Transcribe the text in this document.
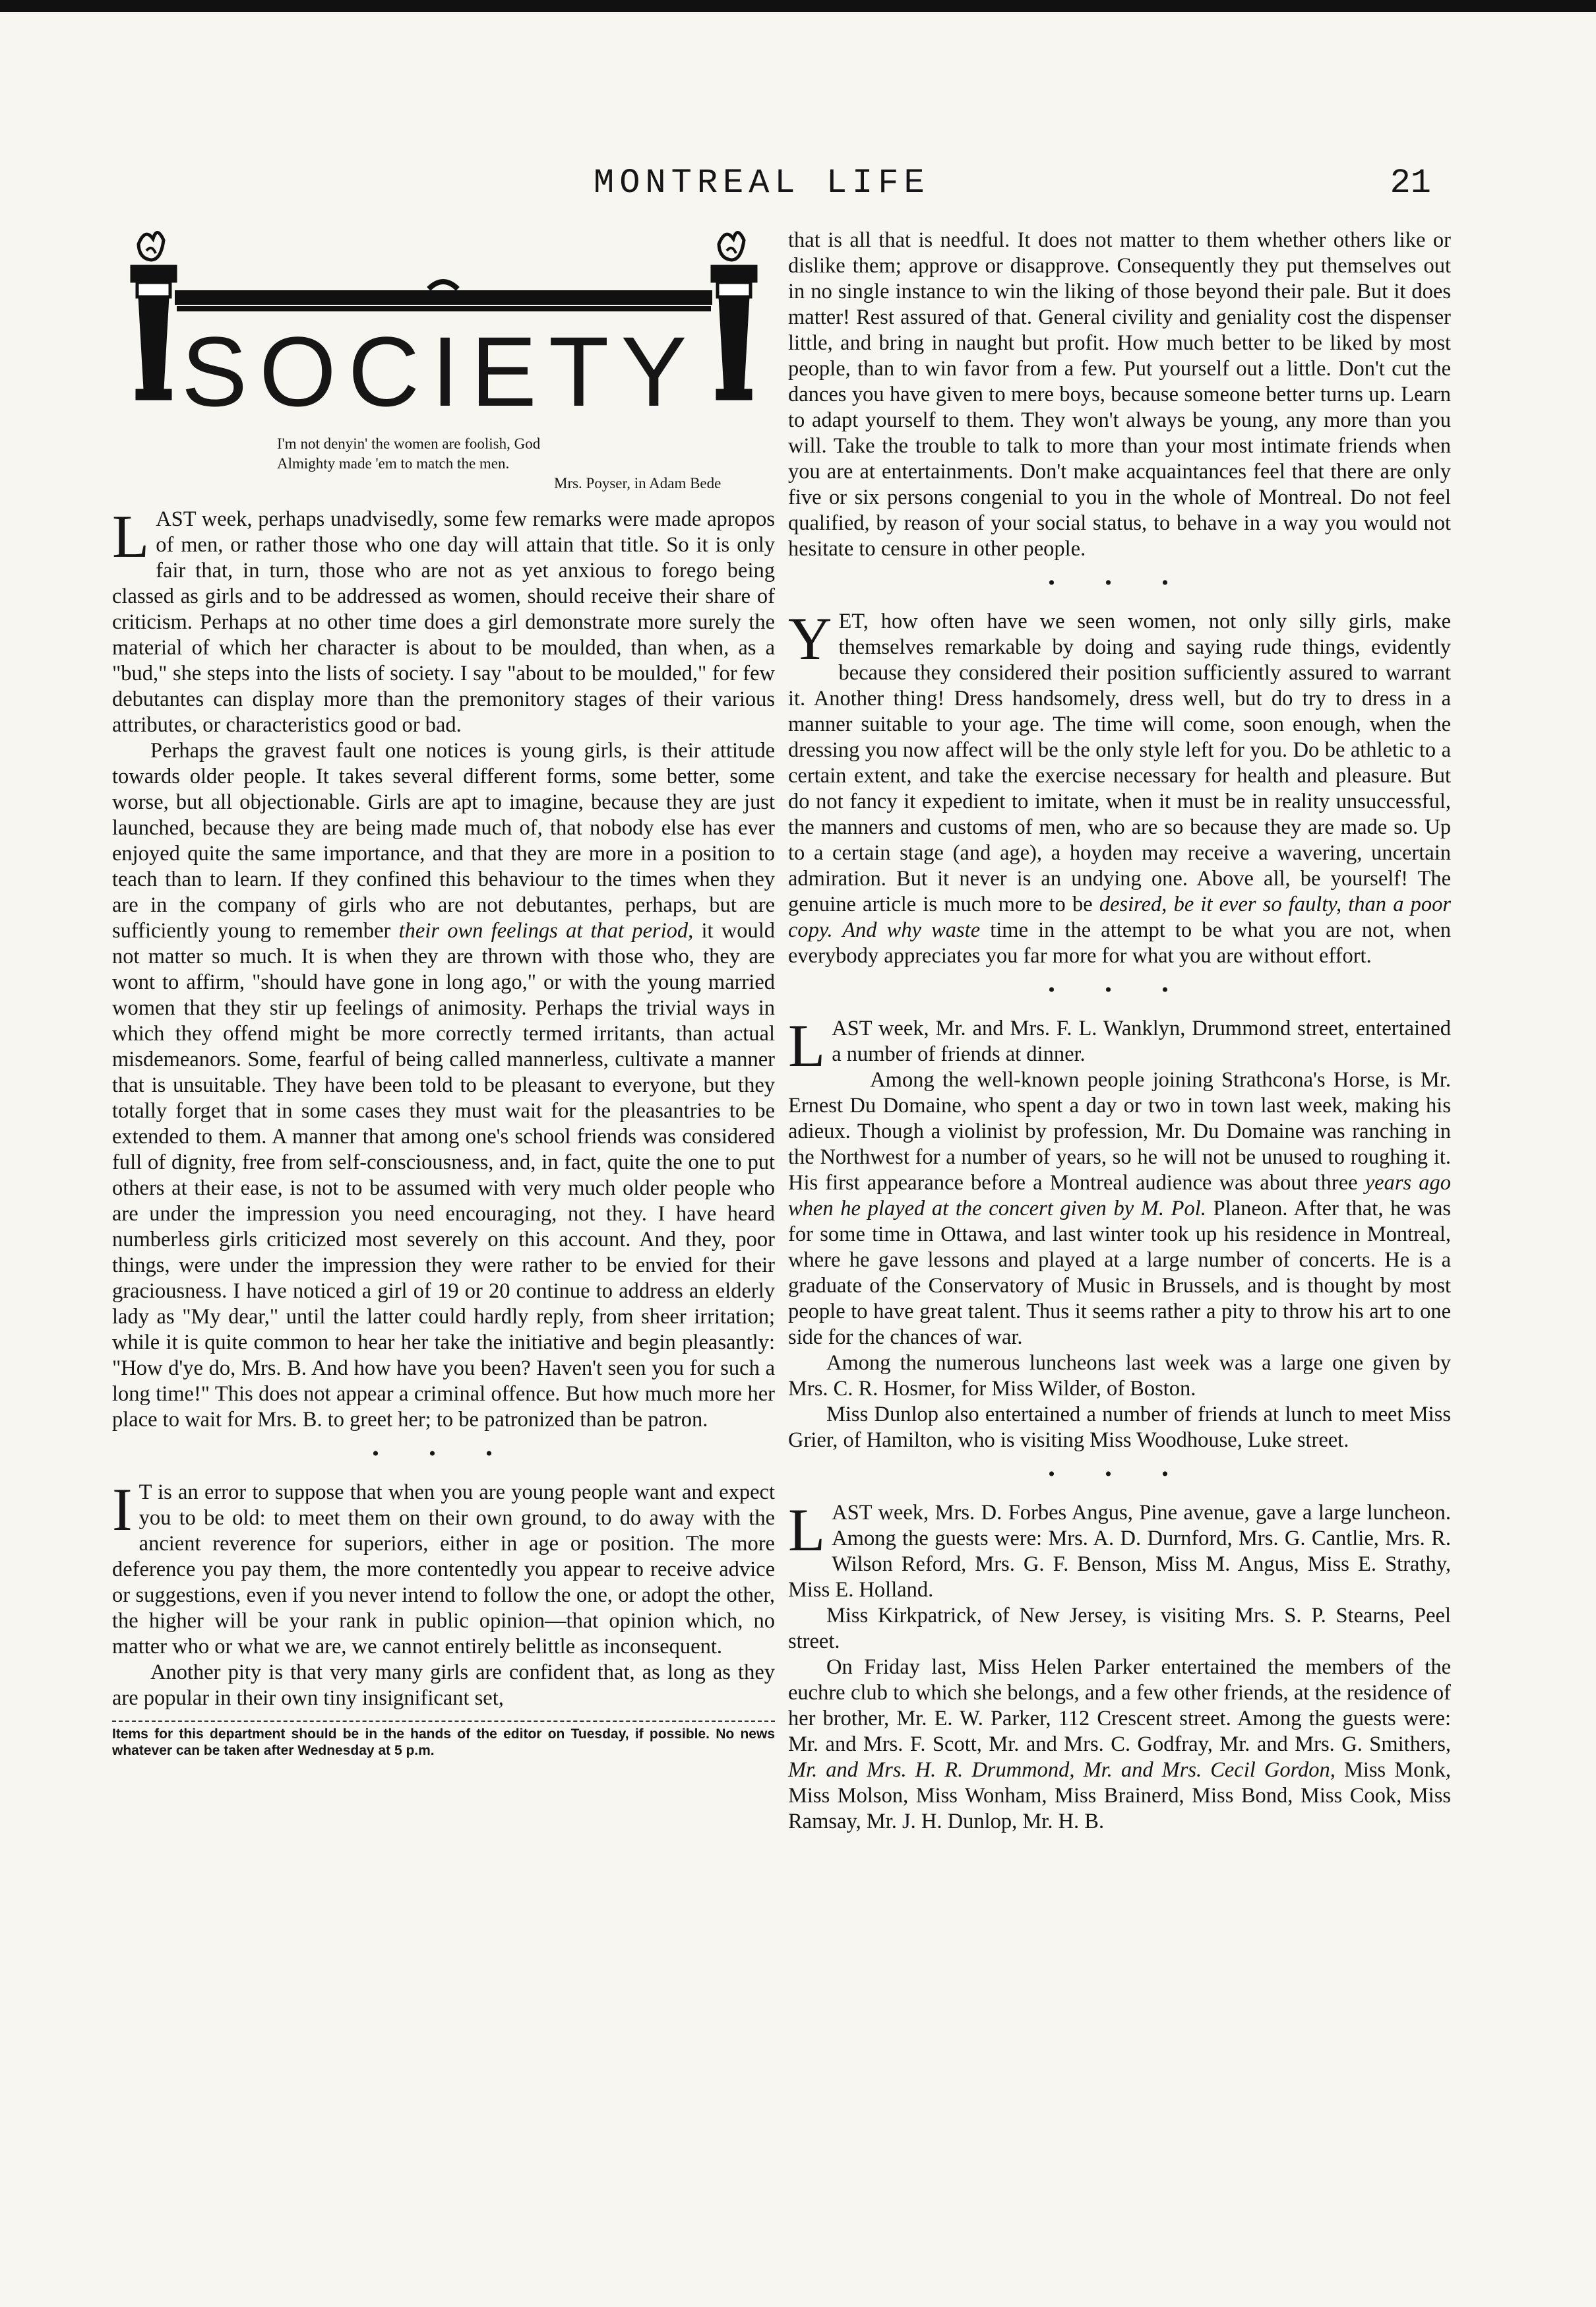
MONTREAL LIFE	21
SOCIETY

I'm not denyin' the women are foolish, God

Almighty made 'em to match the men.

Mrs. Poyser, in Adam Bede

LAST week, perhaps unadvisedly, some few remarks were made apropos of men, or rather those who one day will attain that title. So it is only fair that, in turn, those who are not as yet anxious to forego being classed as girls and to be addressed as women, should receive their share of criticism. Perhaps at no other time does a girl demonstrate more surely the material of which her character is about to be moulded, than when, as a "bud," she steps into the lists of society. I say "about to be moulded," for few debutantes can display more than the premonitory stages of their various attributes, or characteristics good or bad.

Perhaps the gravest fault one notices is young girls, is their attitude towards older people. It takes several different forms, some better, some worse, but all objectionable. Girls are apt to imagine, because they are just launched, because they are being made much of, that nobody else has ever enjoyed quite the same importance, and that they are more in a position to teach than to learn. If they confined this behaviour to the times when they are in the company of girls who are not debutantes, perhaps, but are sufficiently young to remember their own feelings at that period, it would not matter so much. It is when they are thrown with those who, they are wont to affirm, "should have gone in long ago," or with the young married women that they stir up feelings of animosity. Perhaps the trivial ways in which they offend might be more correctly termed irritants, than actual misdemeanors. Some, fearful of being called mannerless, cultivate a manner that is unsuitable. They have been told to be pleasant to everyone, but they totally forget that in some cases they must wait for the pleasantries to be extended to them. A manner that among one's school friends was considered full of dignity, free from self-consciousness, and, in fact, quite the one to put others at their ease, is not to be assumed with very much older people who are under the impression you need encouraging, not they. I have heard numberless girls criticized most severely on this account. And they, poor things, were under the impression they were rather to be envied for their graciousness. I have noticed a girl of 19 or 20 continue to address an elderly lady as "My dear," until the latter could hardly reply, from sheer irritation; while it is quite common to hear her take the initiative and begin pleasantly: "How d'ye do, Mrs. B. And how have you been? Haven't seen you for such a long time!" This does not appear a criminal offence. But how much more her place to wait for Mrs. B. to greet her; to be patronized than be patron.

• • •

I T is an error to suppose that when you are young people want and expect you to be old: to meet them on their own ground, to do away with the ancient reverence for superiors, either in age or position. The more deference you pay them, the more contentedly you appear to receive advice or suggestions, even if you never intend to follow the one, or adopt the other, the higher will be your rank in public opinion—that opinion which, no matter who or what we are, we cannot entirely belittle as inconsequent.

Another pity is that very many girls are confident that, as long as they are popular in their own tiny insignificant set,

Items for this department should be in the hands of the editor on Tuesday, if possible. No news whatever can be taken after Wednesday at 5 p.m.

that is all that is needful. It does not matter to them whether others like or dislike them; approve or disapprove. Consequently they put themselves out in no single instance to win the liking of those beyond their pale. But it does matter! Rest assured of that. General civility and geniality cost the dispenser little, and bring in naught but profit. How much better to be liked by most people, than to win favor from a few. Put yourself out a little. Don't cut the dances you have given to mere boys, because someone better turns up. Learn to adapt yourself to them. They won't always be young, any more than you will. Take the trouble to talk to more than your most intimate friends when you are at entertainments. Don't make acquaintances feel that there are only five or six persons congenial to you in the whole of Montreal. Do not feel qualified, by reason of your social status, to behave in a way you would not hesitate to censure in other people.

• • •

YET, how often have we seen women, not only silly girls, make themselves remarkable by doing and saying rude things, evidently because they considered their position sufficiently assured to warrant it. Another thing! Dress handsomely, dress well, but do try to dress in a manner suitable to your age. The time will come, soon enough, when the dressing you now affect will be the only style left for you. Do be athletic to a certain extent, and take the exercise necessary for health and pleasure. But do not fancy it expedient to imitate, when it must be in reality unsuccessful, the manners and customs of men, who are so because they are made so. Up to a certain stage (and age), a hoyden may receive a wavering, uncertain admiration. But it never is an undying one. Above all, be yourself! The genuine article is much more to be desired, be it ever so faulty, than a poor copy. And why waste time in the attempt to be what you are not, when everybody appreciates you far more for what you are without effort.

• • •

LAST week, Mr. and Mrs. F. L. Wanklyn, Drummond street, entertained a number of friends at dinner.

Among the well-known people joining Strathcona's Horse, is Mr. Ernest Du Domaine, who spent a day or two in town last week, making his adieux. Though a violinist by profession, Mr. Du Domaine was ranching in the Northwest for a number of years, so he will not be unused to roughing it. His first appearance before a Montreal audience was about three years ago when he played at the concert given by M. Pol. Planeon. After that, he was for some time in Ottawa, and last winter took up his residence in Montreal, where he gave lessons and played at a large number of concerts. He is a graduate of the Conservatory of Music in Brussels, and is thought by most people to have great talent. Thus it seems rather a pity to throw his art to one side for the chances of war.

Among the numerous luncheons last week was a large one given by Mrs. C. R. Hosmer, for Miss Wilder, of Boston.

Miss Dunlop also entertained a number of friends at lunch to meet Miss Grier, of Hamilton, who is visiting Miss Woodhouse, Luke street.

• • •

LAST week, Mrs. D. Forbes Angus, Pine avenue, gave a large luncheon. Among the guests were: Mrs. A. D. Durnford, Mrs. G. Cantlie, Mrs. R. Wilson Reford, Mrs. G. F. Benson, Miss M. Angus, Miss E. Strathy, Miss E. Holland.

Miss Kirkpatrick, of New Jersey, is visiting Mrs. S. P. Stearns, Peel street.

On Friday last, Miss Helen Parker entertained the members of the euchre club to which she belongs, and a few other friends, at the residence of her brother, Mr. E. W. Parker, 112 Crescent street. Among the guests were: Mr. and Mrs. F. Scott, Mr. and Mrs. C. Godfray, Mr. and Mrs. G. Smithers, Mr. and Mrs. H. R. Drummond, Mr. and Mrs. Cecil Gordon, Miss Monk, Miss Molson, Miss Wonham, Miss Brainerd, Miss Bond, Miss Cook, Miss Ramsay, Mr. J. H. Dunlop, Mr. H. B.
